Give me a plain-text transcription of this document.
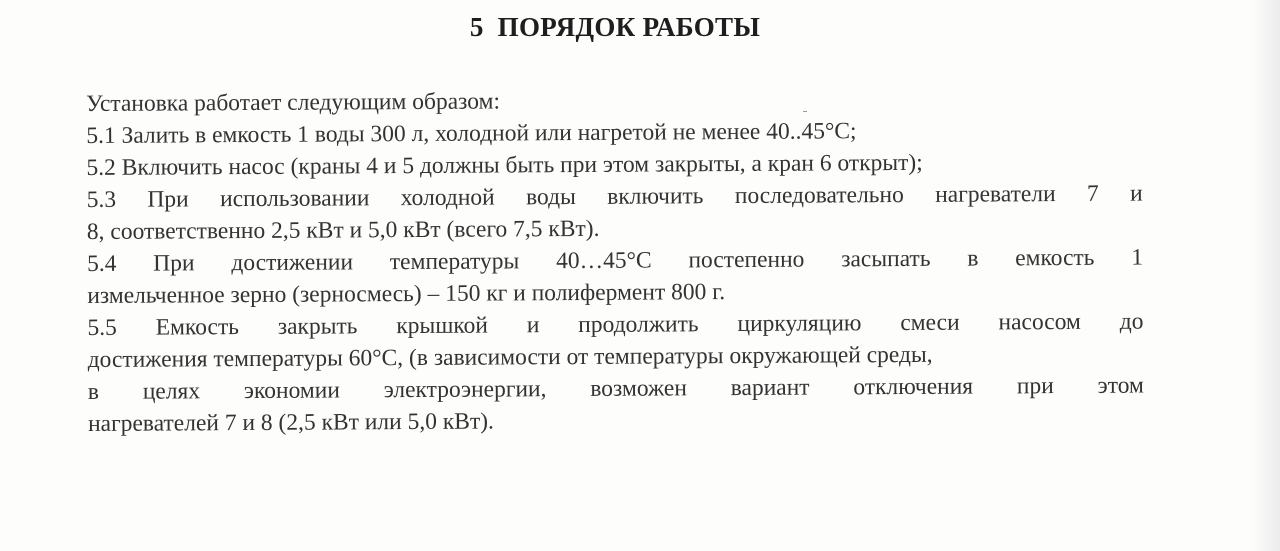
5 ПОРЯДОК РАБОТЫ
Установка работает следующим образом:
5.1 Залить в емкость 1 воды 300 л, холодной или нагретой не менее 40..45°С;
5.2 Включить насос (краны 4 и 5 должны быть при этом закрыты, а кран 6 открыт);
5.3 При использовании холодной воды включить последовательно нагреватели 7 и
8, соответственно 2,5 кВт и 5,0 кВт (всего 7,5 кВт).
5.4 При достижении температуры 40…45°С постепенно засыпать в емкость 1
измельченное зерно (зерносмесь) – 150 кг и полифермент 800 г.
5.5 Емкость закрыть крышкой и продолжить циркуляцию смеси насосом до
достижения температуры 60°С, (в зависимости от температуры окружающей среды,
в целях экономии электроэнергии, возможен вариант отключения при этом
нагревателей 7 и 8 (2,5 кВт или 5,0 кВт).
